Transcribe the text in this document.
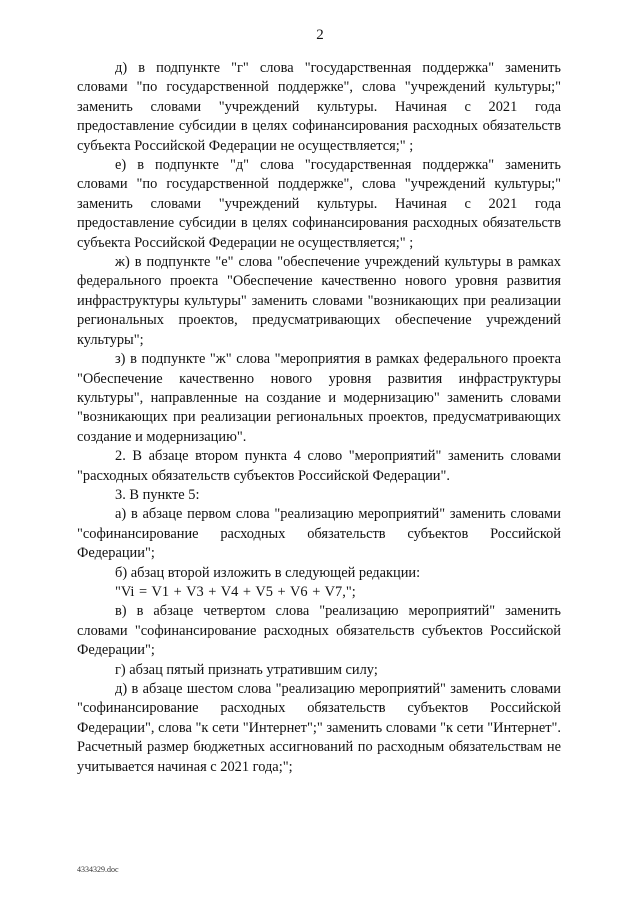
2

д) в подпункте "г" слова "государственная поддержка" заменить словами "по государственной поддержке", слова "учреждений культуры;" заменить словами "учреждений культуры. Начиная с 2021 года предоставление субсидии в целях софинансирования расходных обязательств субъекта Российской Федерации не осуществляется;" ;

е) в подпункте "д" слова "государственная поддержка" заменить словами "по государственной поддержке", слова "учреждений культуры;" заменить словами "учреждений культуры. Начиная с 2021 года предоставление субсидии в целях софинансирования расходных обязательств субъекта Российской Федерации не осуществляется;" ;

ж) в подпункте "е" слова "обеспечение учреждений культуры в рамках федерального проекта "Обеспечение качественно нового уровня развития инфраструктуры культуры" заменить словами "возникающих при реализации региональных проектов, предусматривающих обеспечение учреждений культуры";

з) в подпункте "ж" слова "мероприятия в рамках федерального проекта "Обеспечение качественно нового уровня развития инфраструктуры культуры", направленные на создание и модернизацию" заменить словами "возникающих при реализации региональных проектов, предусматривающих создание и модернизацию".

2. В абзаце втором пункта 4 слово "мероприятий" заменить словами "расходных обязательств субъектов Российской Федерации".

3. В пункте 5:

а) в абзаце первом слова "реализацию мероприятий" заменить словами "софинансирование расходных обязательств субъектов Российской Федерации";

б) абзац второй изложить в следующей редакции:

"Vi = V1 + V3 + V4 + V5 + V6 + V7,";

в) в абзаце четвертом слова "реализацию мероприятий" заменить словами "софинансирование расходных обязательств субъектов Российской Федерации";

г) абзац пятый признать утратившим силу;

д) в абзаце шестом слова "реализацию мероприятий" заменить словами "софинансирование расходных обязательств субъектов Российской Федерации", слова "к сети "Интернет";" заменить словами "к сети "Интернет". Расчетный размер бюджетных ассигнований по расходным обязательствам не учитывается начиная с 2021 года;";

4334329.doc
